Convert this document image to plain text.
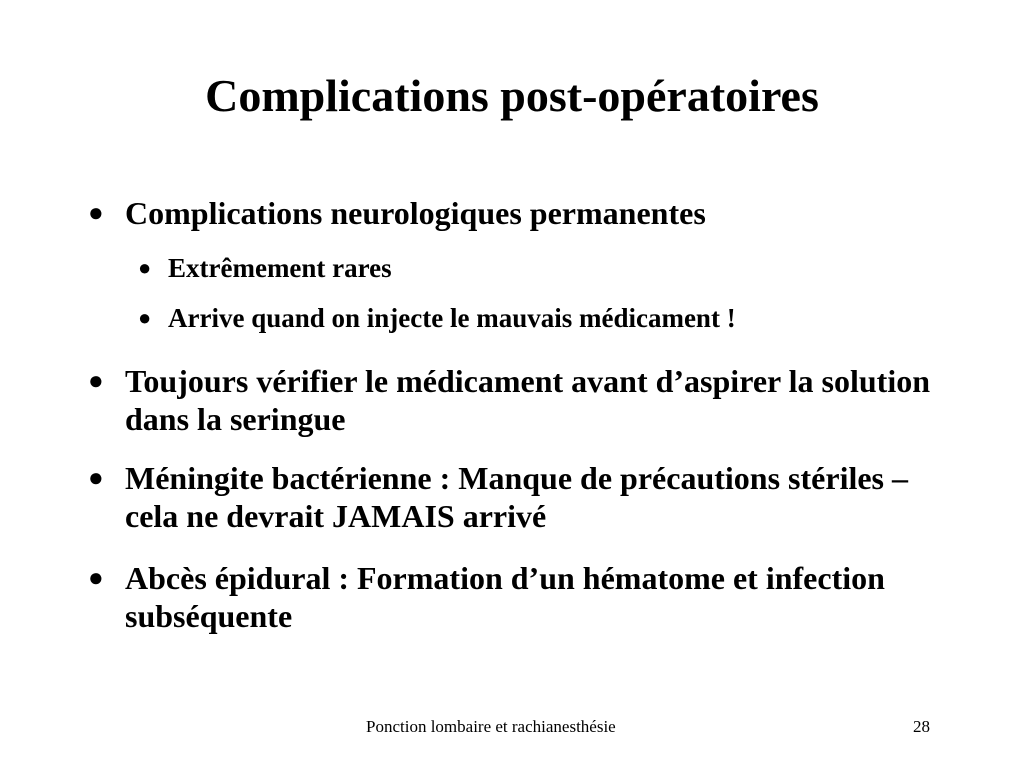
Complications post-opératoires
● Complications neurologiques permanentes
● Extrêmement rares
● Arrive quand on injecte le mauvais médicament !
● Toujours vérifier le médicament avant d’aspirer la solution dans la seringue
● Méningite bactérienne : Manque de précautions stériles – cela ne devrait JAMAIS arrivé
● Abcès épidural : Formation d’un hématome et infection subséquente
Ponction lombaire et rachianesthésie	28
